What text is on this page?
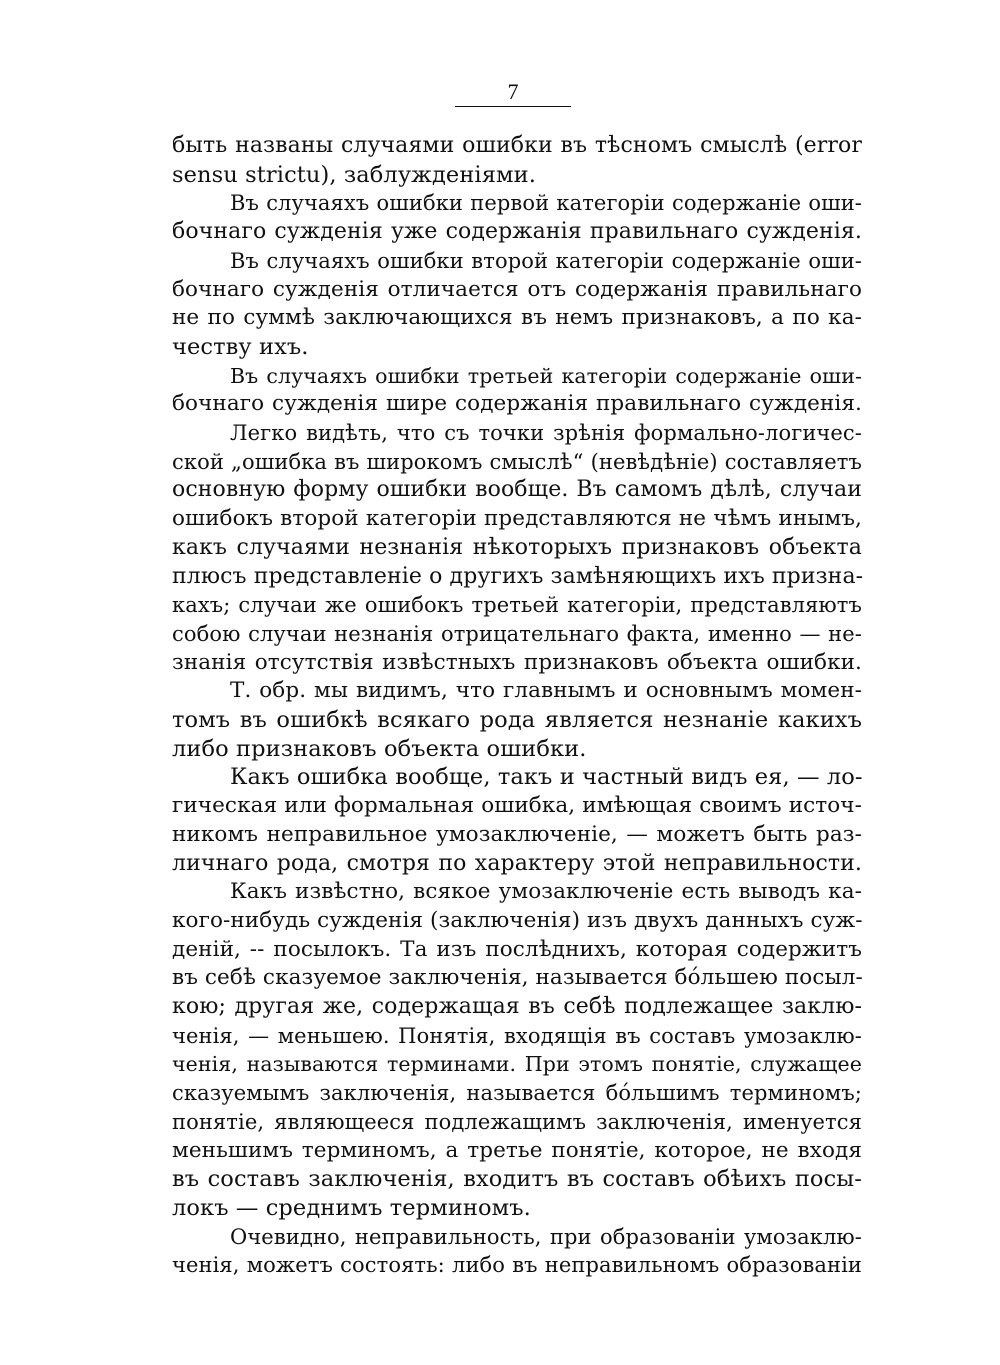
7
быть названы случаями ошибки въ тѣсномъ смыслѣ (error
sensu strictu), заблужденіями.
Въ случаяхъ ошибки первой категоріи содержаніе оши-
бочнаго сужденія уже содержанія правильнаго сужденія.
Въ случаяхъ ошибки второй категоріи содержаніе оши-
бочнаго сужденія отличается отъ содержанія правильнаго
не по суммѣ заключающихся въ немъ признаковъ, а по ка-
честву ихъ.
Въ случаяхъ ошибки третьей категоріи содержаніе оши-
бочнаго сужденія шире содержанія правильнаго сужденія.
Легко видѣть, что съ точки зрѣнія формально-логичес-
ской „ошибка въ широкомъ смыслѣ“ (невѣдѣніе) составляетъ
основную форму ошибки вообще. Въ самомъ дѣлѣ, случаи
ошибокъ второй категоріи представляются не чѣмъ инымъ,
какъ случаями незнанія нѣкоторыхъ признаковъ объекта
плюсъ представленіе о другихъ замѣняющихъ ихъ призна-
кахъ; случаи же ошибокъ третьей категоріи, представляютъ
собою случаи незнанія отрицательнаго факта, именно — не-
знанія отсутствія извѣстныхъ признаковъ объекта ошибки.
Т. обр. мы видимъ, что главнымъ и основнымъ момен-
томъ въ ошибкѣ всякаго рода является незнаніе какихъ
либо признаковъ объекта ошибки.
Какъ ошибка вообще, такъ и частный видъ ея, — ло-
гическая или формальная ошибка, имѣющая своимъ источ-
никомъ неправильное умозаключеніе, — можетъ быть раз-
личнаго рода, смотря по характеру этой неправильности.
Какъ извѣстно, всякое умозаключеніе есть выводъ ка-
кого-нибудь сужденія (заключенія) изъ двухъ данныхъ суж-
деній, -- посылокъ. Та изъ послѣднихъ, которая содержитъ
въ себѣ сказуемое заключенія, называется бо́льшею посыл-
кою; другая же, содержащая въ себѣ подлежащее заклю-
ченія, — меньшею. Понятія, входящія въ составъ умозаклю-
ченія, называются терминами. При этомъ понятіе, служащее
сказуемымъ заключенія, называется бо́льшимъ терминомъ;
понятіе, являющееся подлежащимъ заключенія, именуется
меньшимъ терминомъ, а третье понятіе, которое, не входя
въ составъ заключенія, входитъ въ составъ обѣихъ посы-
локъ — среднимъ терминомъ.
Очевидно, неправильность, при образованіи умозаклю-
ченія, можетъ состоять: либо въ неправильномъ образованіи
